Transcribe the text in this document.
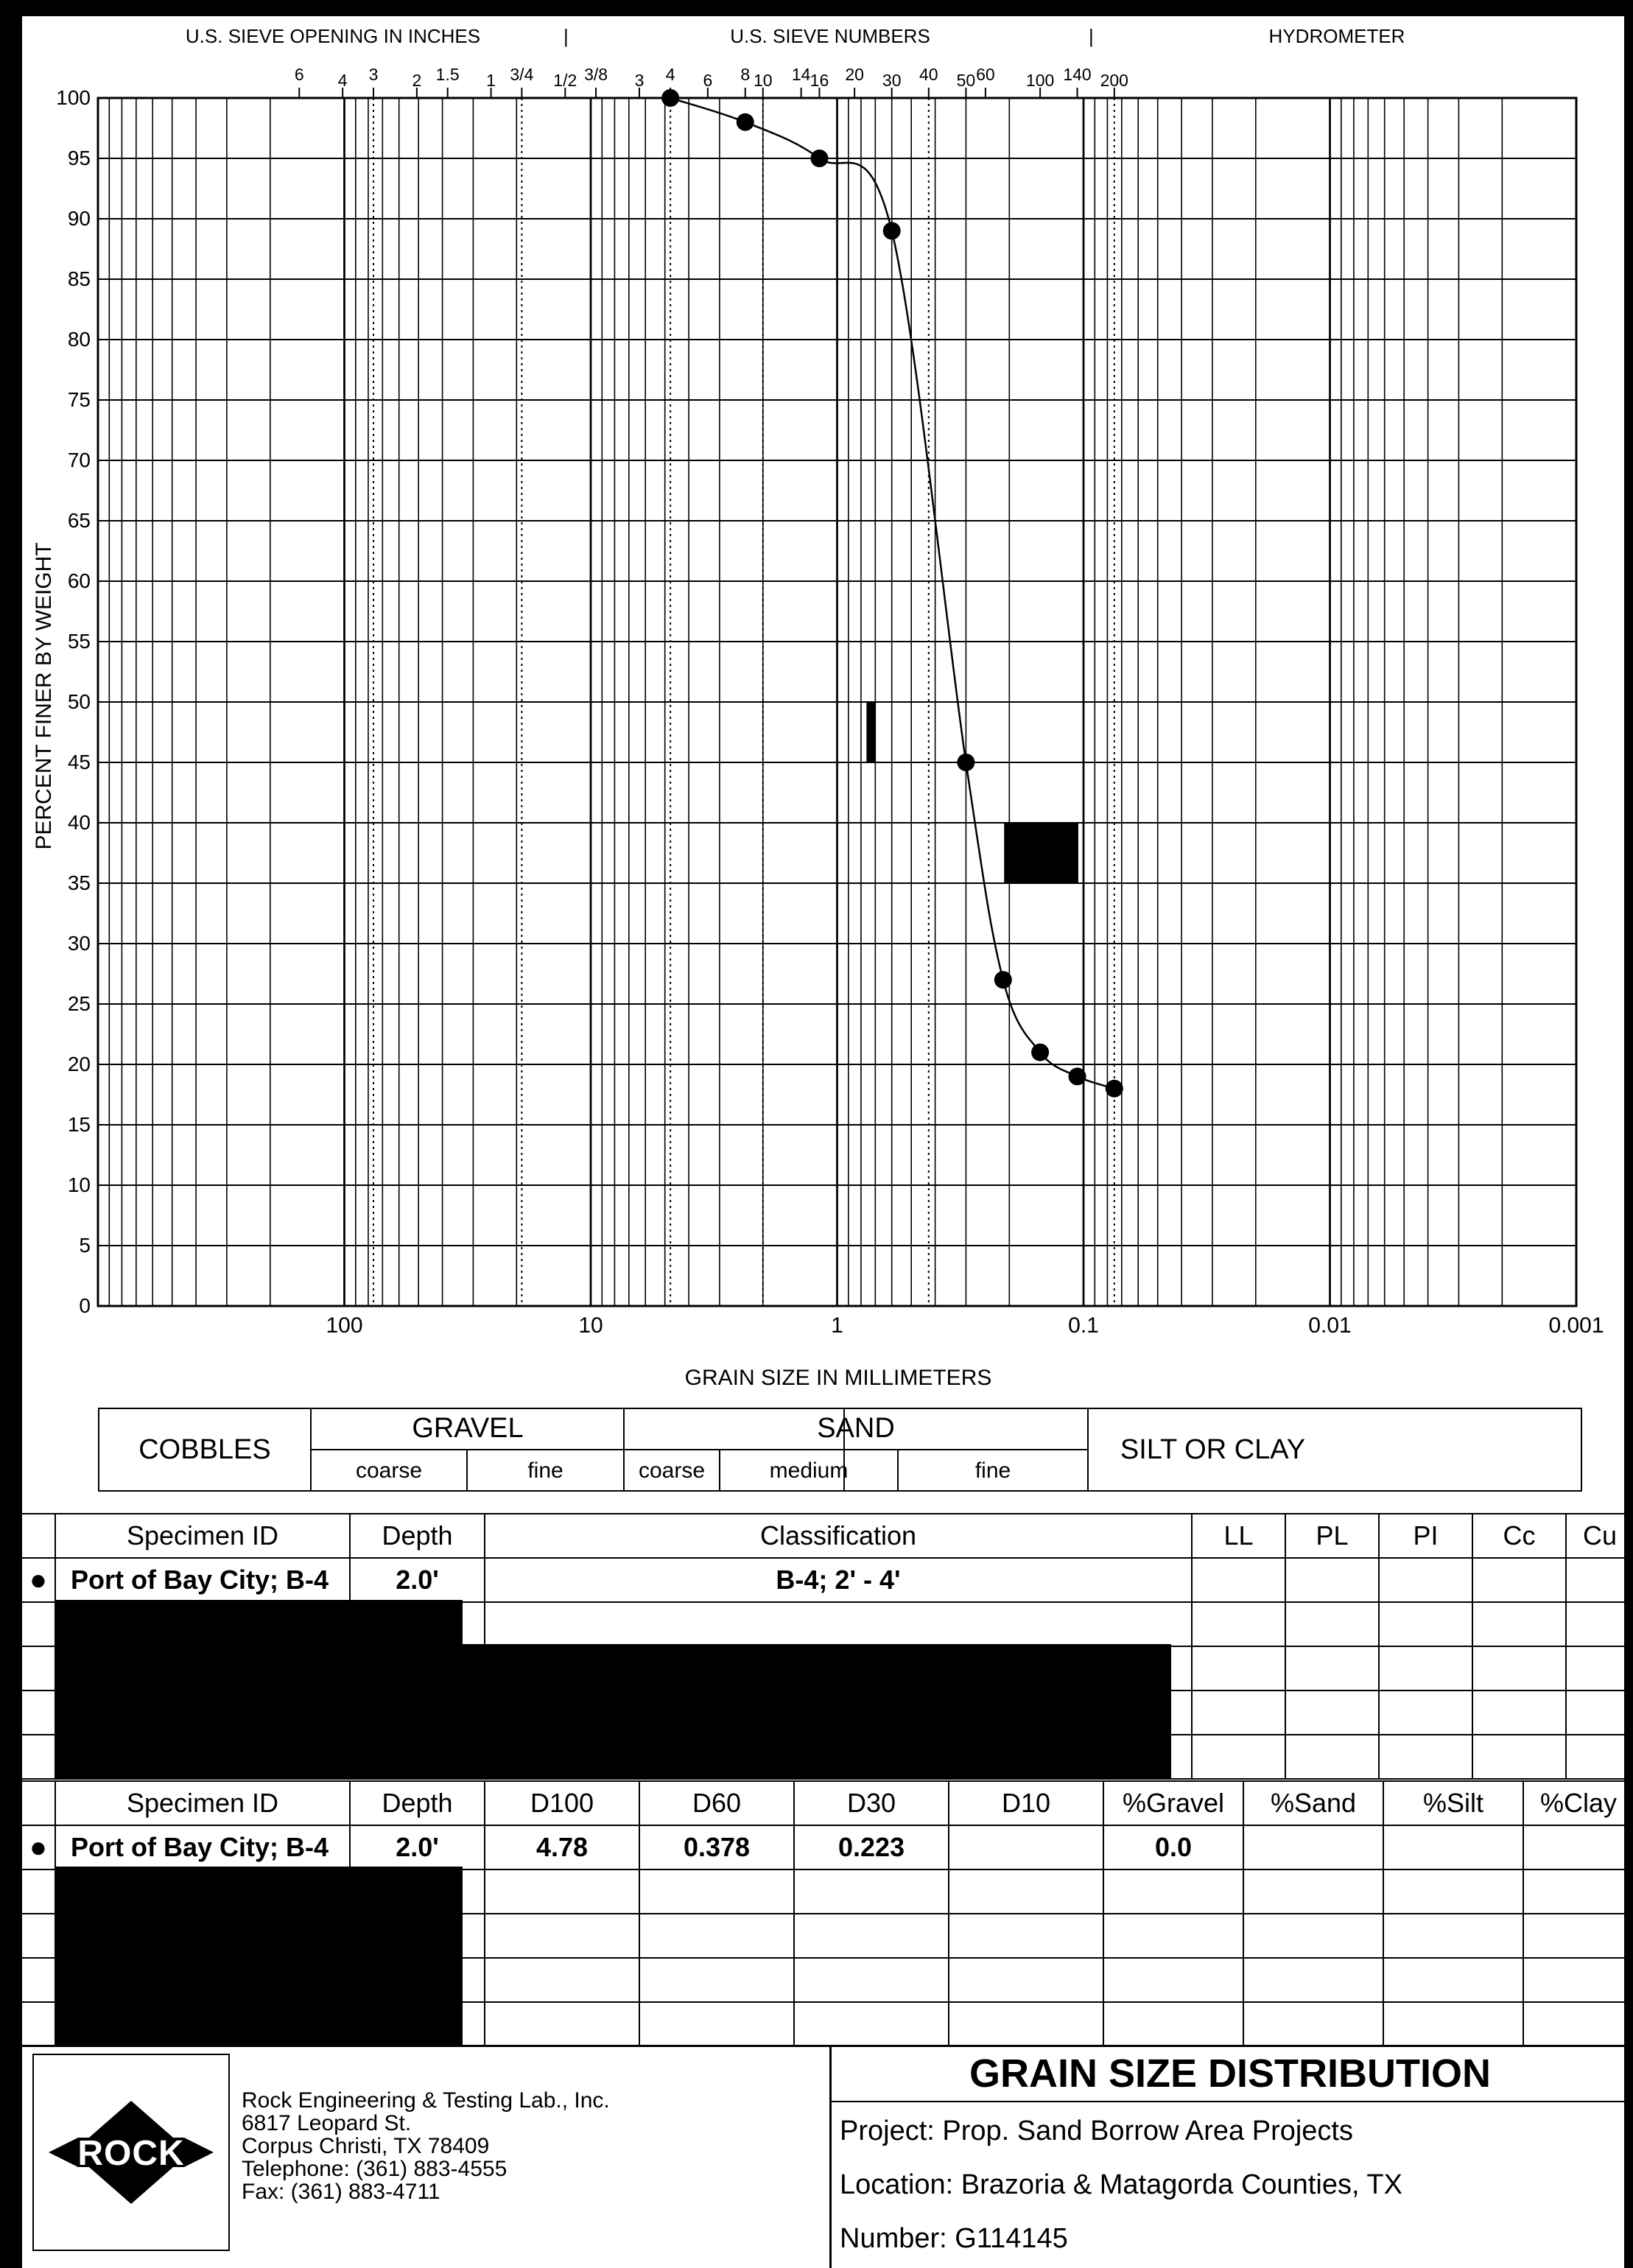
U.S. SIEVE OPENING IN INCHES	|	U.S. SIEVE NUMBERS	|	HYDROMETER
6 4 3 2 1.5 1 3/4 1/2 3/8 3 4 6 8 10 14 16 20 30 40 50 60 100 140 200
0
5
10
15
20
25
30
35
40
45
50
55
60
65
70
75
80
85
90
95
100
100	10	1	0.1	0.01	0.001
PERCENT FINER BY WEIGHT
GRAIN SIZE IN MILLIMETERS
COBBLES
GRAVEL	SAND
SILT OR CLAY
coarse	fine	coarse	medium	fine
	Specimen ID	Depth	Classification	LL	PL	PI	Cc	Cu
●	Port of Bay City; B-4	2.0'	B-4; 2' - 4'					

	Specimen ID	Depth	D100	D60	D30	D10	%Gravel	%Sand	%Silt	%Clay
●	Port of Bay City; B-4	2.0'	4.78	0.378	0.223		0.0			

ROCK
Rock Engineering & Testing Lab., Inc.
6817 Leopard St.
Corpus Christi, TX 78409
Telephone: (361) 883-4555
Fax: (361) 883-4711
GRAIN SIZE DISTRIBUTION
Project: Prop. Sand Borrow Area Projects
Location: Brazoria & Matagorda Counties, TX
Number: G114145
